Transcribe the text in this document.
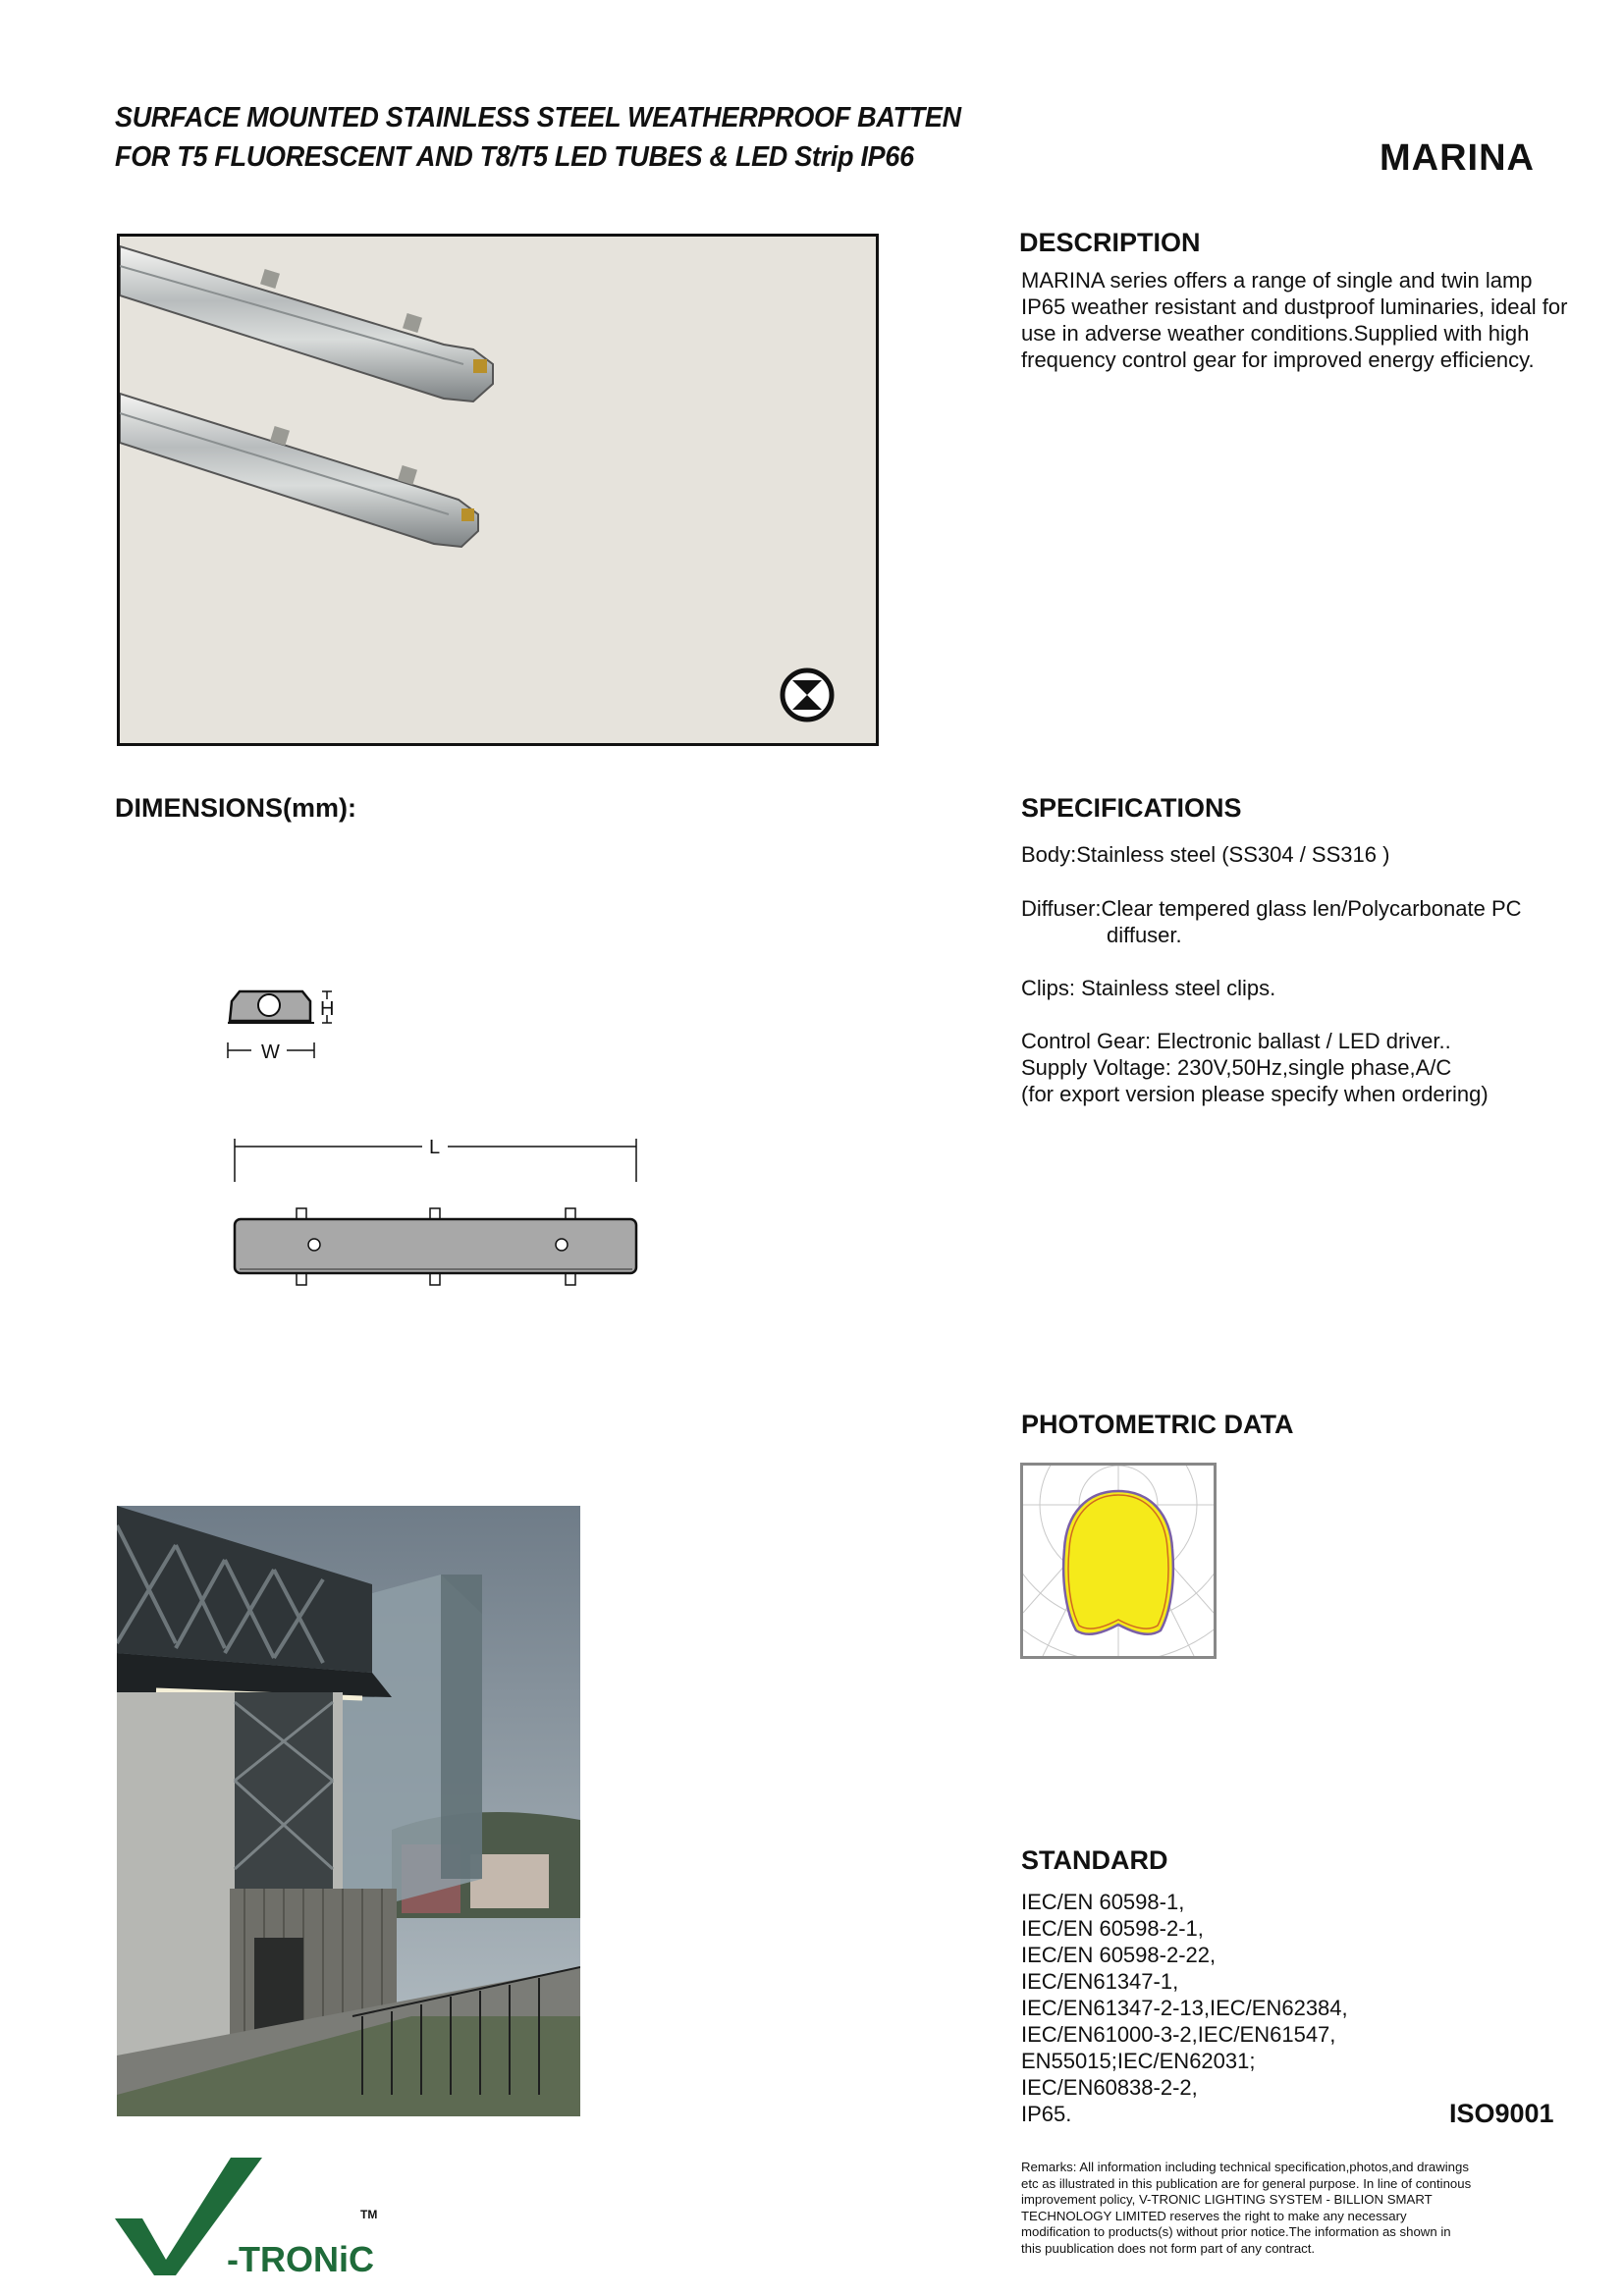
SURFACE MOUNTED STAINLESS STEEL WEATHERPROOF BATTEN
FOR T5 FLUORESCENT AND T8/T5 LED TUBES & LED Strip IP66	MARINA
DESCRIPTION
MARINA series offers a range of single and twin lamp IP65 weather resistant and dustproof luminaries, ideal for use in adverse weather conditions.Supplied with high frequency control gear for improved energy efficiency.
DIMENSIONS(mm):
H
W
L
SPECIFICATIONS
Body:Stainless steel (SS304 / SS316 )
Diffuser:Clear tempered glass len/Polycarbonate PC
diffuser.
Clips: Stainless steel clips.
Control Gear: Electronic ballast / LED driver..
Supply Voltage: 230V,50Hz,single phase,A/C
(for export version please specify when ordering)
PHOTOMETRIC DATA
STANDARD
IEC/EN 60598-1,
IEC/EN 60598-2-1,
IEC/EN 60598-2-22,
IEC/EN61347-1,
IEC/EN61347-2-13,IEC/EN62384,
IEC/EN61000-3-2,IEC/EN61547,
EN55015;IEC/EN62031;
IEC/EN60838-2-2,
IP65.	ISO9001
Remarks: All information including technical specification,photos,and drawings etc as illustrated in this publication are for general purpose. In line of continous improvement policy, V-TRONIC LIGHTING SYSTEM - BILLION SMART TECHNOLOGY LIMITED reserves the right to make any necessary modification to products(s) without prior notice.The information as shown in this puublication does not form part of any contract.
-TRONiC
TM
